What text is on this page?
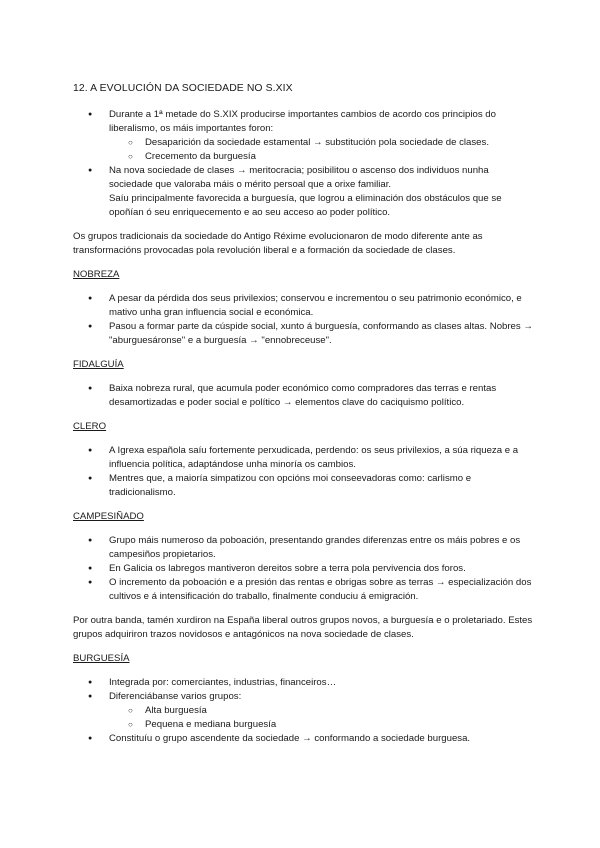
12. A EVOLUCIÓN DA SOCIEDADE NO S.XIX
● Durante a 1ª metade do S.XIX producirse importantes cambios de acordo cos principios do liberalismo, os máis importantes foron:
○ Desaparición da sociedade estamental → substitución pola sociedade de clases.
○ Crecemento da burguesía
● Na nova sociedade de clases → meritocracia; posibilitou o ascenso dos individuos nunha sociedade que valoraba máis o mérito persoal que a orixe familiar.
Saíu principalmente favorecida a burguesía, que logrou a eliminación dos obstáculos que se opoñían ó seu enriquecemento e ao seu acceso ao poder político.

Os grupos tradicionais da sociedade do Antigo Réxime evolucionaron de modo diferente ante as transformacións provocadas pola revolución liberal e a formación da sociedade de clases.

NOBREZA

● A pesar da pérdida dos seus privilexios; conservou e incrementou o seu patrimonio económico, e mativo unha gran influencia social e económica.
● Pasou a formar parte da cúspide social, xunto á burguesía, conformando as clases altas. Nobres → "aburguesáronse" e a burguesía → "ennobreceuse".

FIDALGUÍA

● Baixa nobreza rural, que acumula poder económico como compradores das terras e rentas desamortizadas e poder social e político → elementos clave do caciquismo político.

CLERO

● A Igrexa española saíu fortemente perxudicada, perdendo: os seus privilexios, a súa riqueza e a influencia política, adaptándose unha minoría os cambios.
● Mentres que, a maioría simpatizou con opcións moi conseevadoras como: carlismo e tradicionalismo.

CAMPESIÑADO

● Grupo máis numeroso da poboación, presentando grandes diferenzas entre os máis pobres e os campesiños propietarios.
● En Galicia os labregos mantiveron dereitos sobre a terra pola pervivencia dos foros.
● O incremento da poboación e a presión das rentas e obrigas sobre as terras → especialización dos cultivos e á intensificación do traballo, finalmente conduciu á emigración.

Por outra banda, tamén xurdiron na España liberal outros grupos novos, a burguesía e o proletariado. Estes grupos adquiriron trazos novidosos e antagónicos na nova sociedade de clases.

BURGUESÍA

● Integrada por: comerciantes, industrias, financeiros…
● Diferenciábanse varios grupos:
○ Alta burguesía
○ Pequena e mediana burguesía
● Constituíu o grupo ascendente da sociedade → conformando a sociedade burguesa.
